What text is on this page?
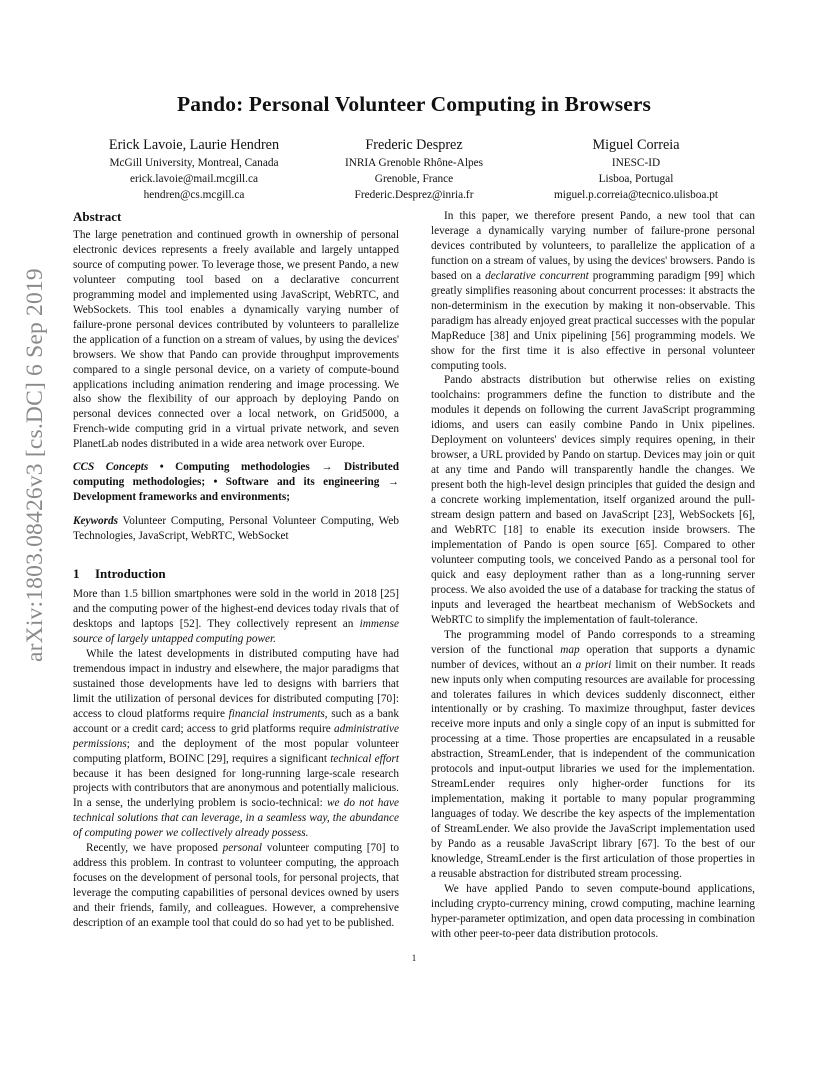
arXiv:1803.08426v3 [cs.DC] 6 Sep 2019
Pando: Personal Volunteer Computing in Browsers
Erick Lavoie, Laurie Hendren
McGill University, Montreal, Canada
erick.lavoie@mail.mcgill.ca
hendren@cs.mcgill.ca
Frederic Desprez
INRIA Grenoble Rhône-Alpes
Grenoble, France
Frederic.Desprez@inria.fr
Miguel Correia
INESC-ID
Lisboa, Portugal
miguel.p.correia@tecnico.ulisboa.pt
Abstract

The large penetration and continued growth in ownership of personal electronic devices represents a freely available and largely untapped source of computing power. To leverage those, we present Pando, a new volunteer computing tool based on a declarative concurrent programming model and implemented using JavaScript, WebRTC, and WebSockets. This tool enables a dynamically varying number of failure-prone personal devices contributed by volunteers to parallelize the application of a function on a stream of values, by using the devices' browsers. We show that Pando can provide throughput improvements compared to a single personal device, on a variety of compute-bound applications including animation rendering and image processing. We also show the flexibility of our approach by deploying Pando on personal devices connected over a local network, on Grid5000, a French-wide computing grid in a virtual private network, and seven PlanetLab nodes distributed in a wide area network over Europe.

CCS Concepts • Computing methodologies → Distributed computing methodologies; • Software and its engineering → Development frameworks and environments;

Keywords Volunteer Computing, Personal Volunteer Computing, Web Technologies, JavaScript, WebRTC, WebSocket

1 Introduction

More than 1.5 billion smartphones were sold in the world in 2018 [25] and the computing power of the highest-end devices today rivals that of desktops and laptops [52]. They collectively represent an immense source of largely untapped computing power.

While the latest developments in distributed computing have had tremendous impact in industry and elsewhere, the major paradigms that sustained those developments have led to designs with barriers that limit the utilization of personal devices for distributed computing [70]: access to cloud platforms require financial instruments, such as a bank account or a credit card; access to grid platforms require administrative permissions; and the deployment of the most popular volunteer computing platform, BOINC [29], requires a significant technical effort because it has been designed for long-running large-scale research projects with contributors that are anonymous and potentially malicious. In a sense, the underlying problem is socio-technical: we do not have technical solutions that can leverage, in a seamless way, the abundance of computing power we collectively already possess.

Recently, we have proposed personal volunteer computing [70] to address this problem. In contrast to volunteer computing, the approach focuses on the development of personal tools, for personal projects, that leverage the computing capabilities of personal devices owned by users and their friends, family, and colleagues. However, a comprehensive description of an example tool that could do so had yet to be published.

In this paper, we therefore present Pando, a new tool that can leverage a dynamically varying number of failure-prone personal devices contributed by volunteers, to parallelize the application of a function on a stream of values, by using the devices' browsers. Pando is based on a declarative concurrent programming paradigm [99] which greatly simplifies reasoning about concurrent processes: it abstracts the non-determinism in the execution by making it non-observable. This paradigm has already enjoyed great practical successes with the popular MapReduce [38] and Unix pipelining [56] programming models. We show for the first time it is also effective in personal volunteer computing tools.

Pando abstracts distribution but otherwise relies on existing toolchains: programmers define the function to distribute and the modules it depends on following the current JavaScript programming idioms, and users can easily combine Pando in Unix pipelines. Deployment on volunteers' devices simply requires opening, in their browser, a URL provided by Pando on startup. Devices may join or quit at any time and Pando will transparently handle the changes. We present both the high-level design principles that guided the design and a concrete working implementation, itself organized around the pull-stream design pattern and based on JavaScript [23], WebSockets [6], and WebRTC [18] to enable its execution inside browsers. The implementation of Pando is open source [65]. Compared to other volunteer computing tools, we conceived Pando as a personal tool for quick and easy deployment rather than as a long-running server process. We also avoided the use of a database for tracking the status of inputs and leveraged the heartbeat mechanism of WebSockets and WebRTC to simplify the implementation of fault-tolerance.

The programming model of Pando corresponds to a streaming version of the functional map operation that supports a dynamic number of devices, without an a priori limit on their number. It reads new inputs only when computing resources are available for processing and tolerates failures in which devices suddenly disconnect, either intentionally or by crashing. To maximize throughput, faster devices receive more inputs and only a single copy of an input is submitted for processing at a time. Those properties are encapsulated in a reusable abstraction, StreamLender, that is independent of the communication protocols and input-output libraries we used for the implementation. StreamLender requires only higher-order functions for its implementation, making it portable to many popular programming languages of today. We describe the key aspects of the implementation of StreamLender. We also provide the JavaScript implementation used by Pando as a reusable JavaScript library [67]. To the best of our knowledge, StreamLender is the first articulation of those properties in a reusable abstraction for distributed stream processing.

We have applied Pando to seven compute-bound applications, including crypto-currency mining, crowd computing, machine learning hyper-parameter optimization, and open data processing in combination with other peer-to-peer data distribution protocols.

1
